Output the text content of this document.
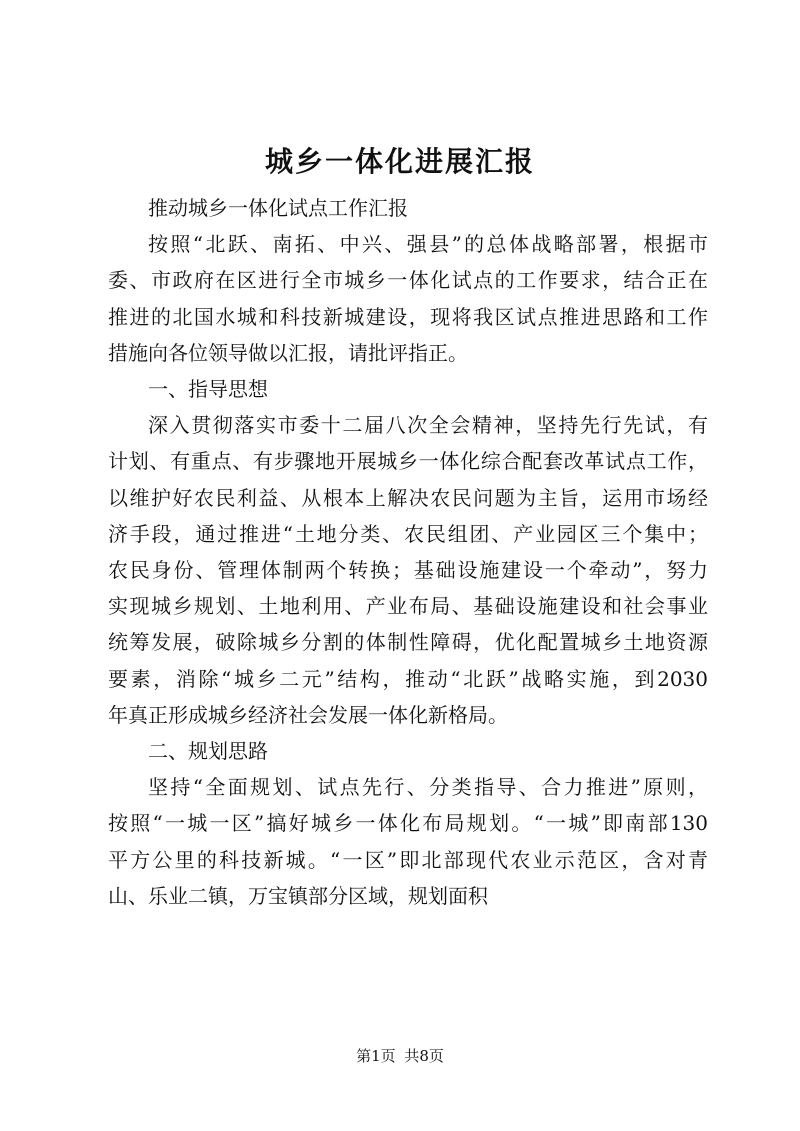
城乡一体化进展汇报
推动城乡一体化试点工作汇报
按照“北跃、南拓、中兴、强县”的总体战略部署，根据市
委、市政府在区进行全市城乡一体化试点的工作要求，结合正在
推进的北国水城和科技新城建设，现将我区试点推进思路和工作
措施向各位领导做以汇报，请批评指正。
一、指导思想
深入贯彻落实市委十二届八次全会精神，坚持先行先试，有
计划、有重点、有步骤地开展城乡一体化综合配套改革试点工作，
以维护好农民利益、从根本上解决农民问题为主旨，运用市场经
济手段，通过推进“土地分类、农民组团、产业园区三个集中；
农民身份、管理体制两个转换；基础设施建设一个牵动”，努力
实现城乡规划、土地利用、产业布局、基础设施建设和社会事业
统筹发展，破除城乡分割的体制性障碍，优化配置城乡土地资源
要素，消除“城乡二元”结构，推动“北跃”战略实施，到2030
年真正形成城乡经济社会发展一体化新格局。
二、规划思路
坚持“全面规划、试点先行、分类指导、合力推进”原则，
按照“一城一区”搞好城乡一体化布局规划。“一城”即南部130
平方公里的科技新城。“一区”即北部现代农业示范区，含对青
山、乐业二镇，万宝镇部分区域，规划面积
第1页 共8页
